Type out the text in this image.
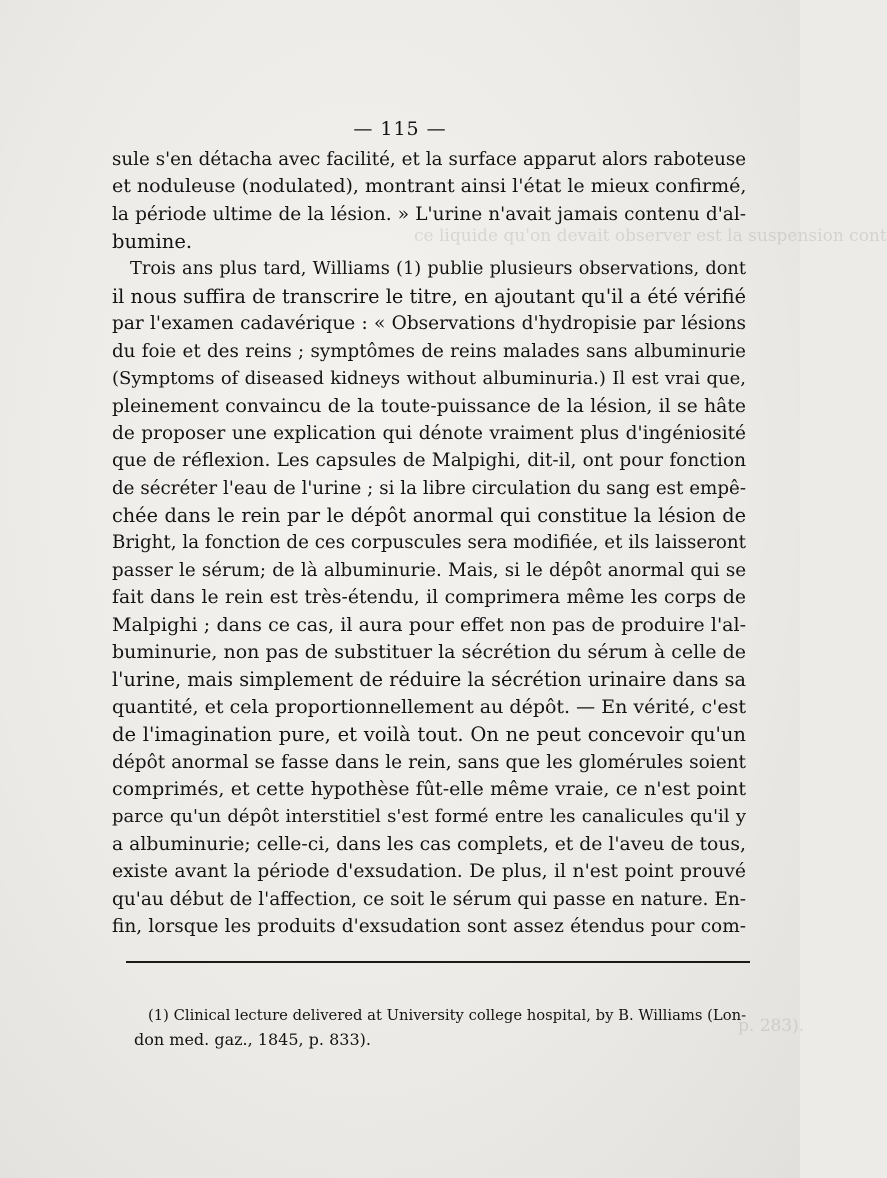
ce liquide qu'on devait observer est la suspension cont
p. 283).
— 115 —
sule s'en détacha avec facilité, et la surface apparut alors raboteuse
et noduleuse (nodulated), montrant ainsi l'état le mieux confirmé,
la période ultime de la lésion. » L'urine n'avait jamais contenu d'al-
bumine.
Trois ans plus tard, Williams (1) publie plusieurs observations, dont
il nous suffira de transcrire le titre, en ajoutant qu'il a été vérifié
par l'examen cadavérique : « Observations d'hydropisie par lésions
du foie et des reins ; symptômes de reins malades sans albuminurie
(Symptoms of diseased kidneys without albuminuria.) Il est vrai que,
pleinement convaincu de la toute-puissance de la lésion, il se hâte
de proposer une explication qui dénote vraiment plus d'ingéniosité
que de réflexion. Les capsules de Malpighi, dit-il, ont pour fonction
de sécréter l'eau de l'urine ; si la libre circulation du sang est empê-
chée dans le rein par le dépôt anormal qui constitue la lésion de
Bright, la fonction de ces corpuscules sera modifiée, et ils laisseront
passer le sérum; de là albuminurie. Mais, si le dépôt anormal qui se
fait dans le rein est très-étendu, il comprimera même les corps de
Malpighi ; dans ce cas, il aura pour effet non pas de produire l'al-
buminurie, non pas de substituer la sécrétion du sérum à celle de
l'urine, mais simplement de réduire la sécrétion urinaire dans sa
quantité, et cela proportionnellement au dépôt. — En vérité, c'est
de l'imagination pure, et voilà tout. On ne peut concevoir qu'un
dépôt anormal se fasse dans le rein, sans que les glomérules soient
comprimés, et cette hypothèse fût-elle même vraie, ce n'est point
parce qu'un dépôt interstitiel s'est formé entre les canalicules qu'il y
a albuminurie; celle-ci, dans les cas complets, et de l'aveu de tous,
existe avant la période d'exsudation. De plus, il n'est point prouvé
qu'au début de l'affection, ce soit le sérum qui passe en nature. En-
fin, lorsque les produits d'exsudation sont assez étendus pour com-
(1) Clinical lecture delivered at University college hospital, by B. Williams (Lon-
don med. gaz., 1845, p. 833).
